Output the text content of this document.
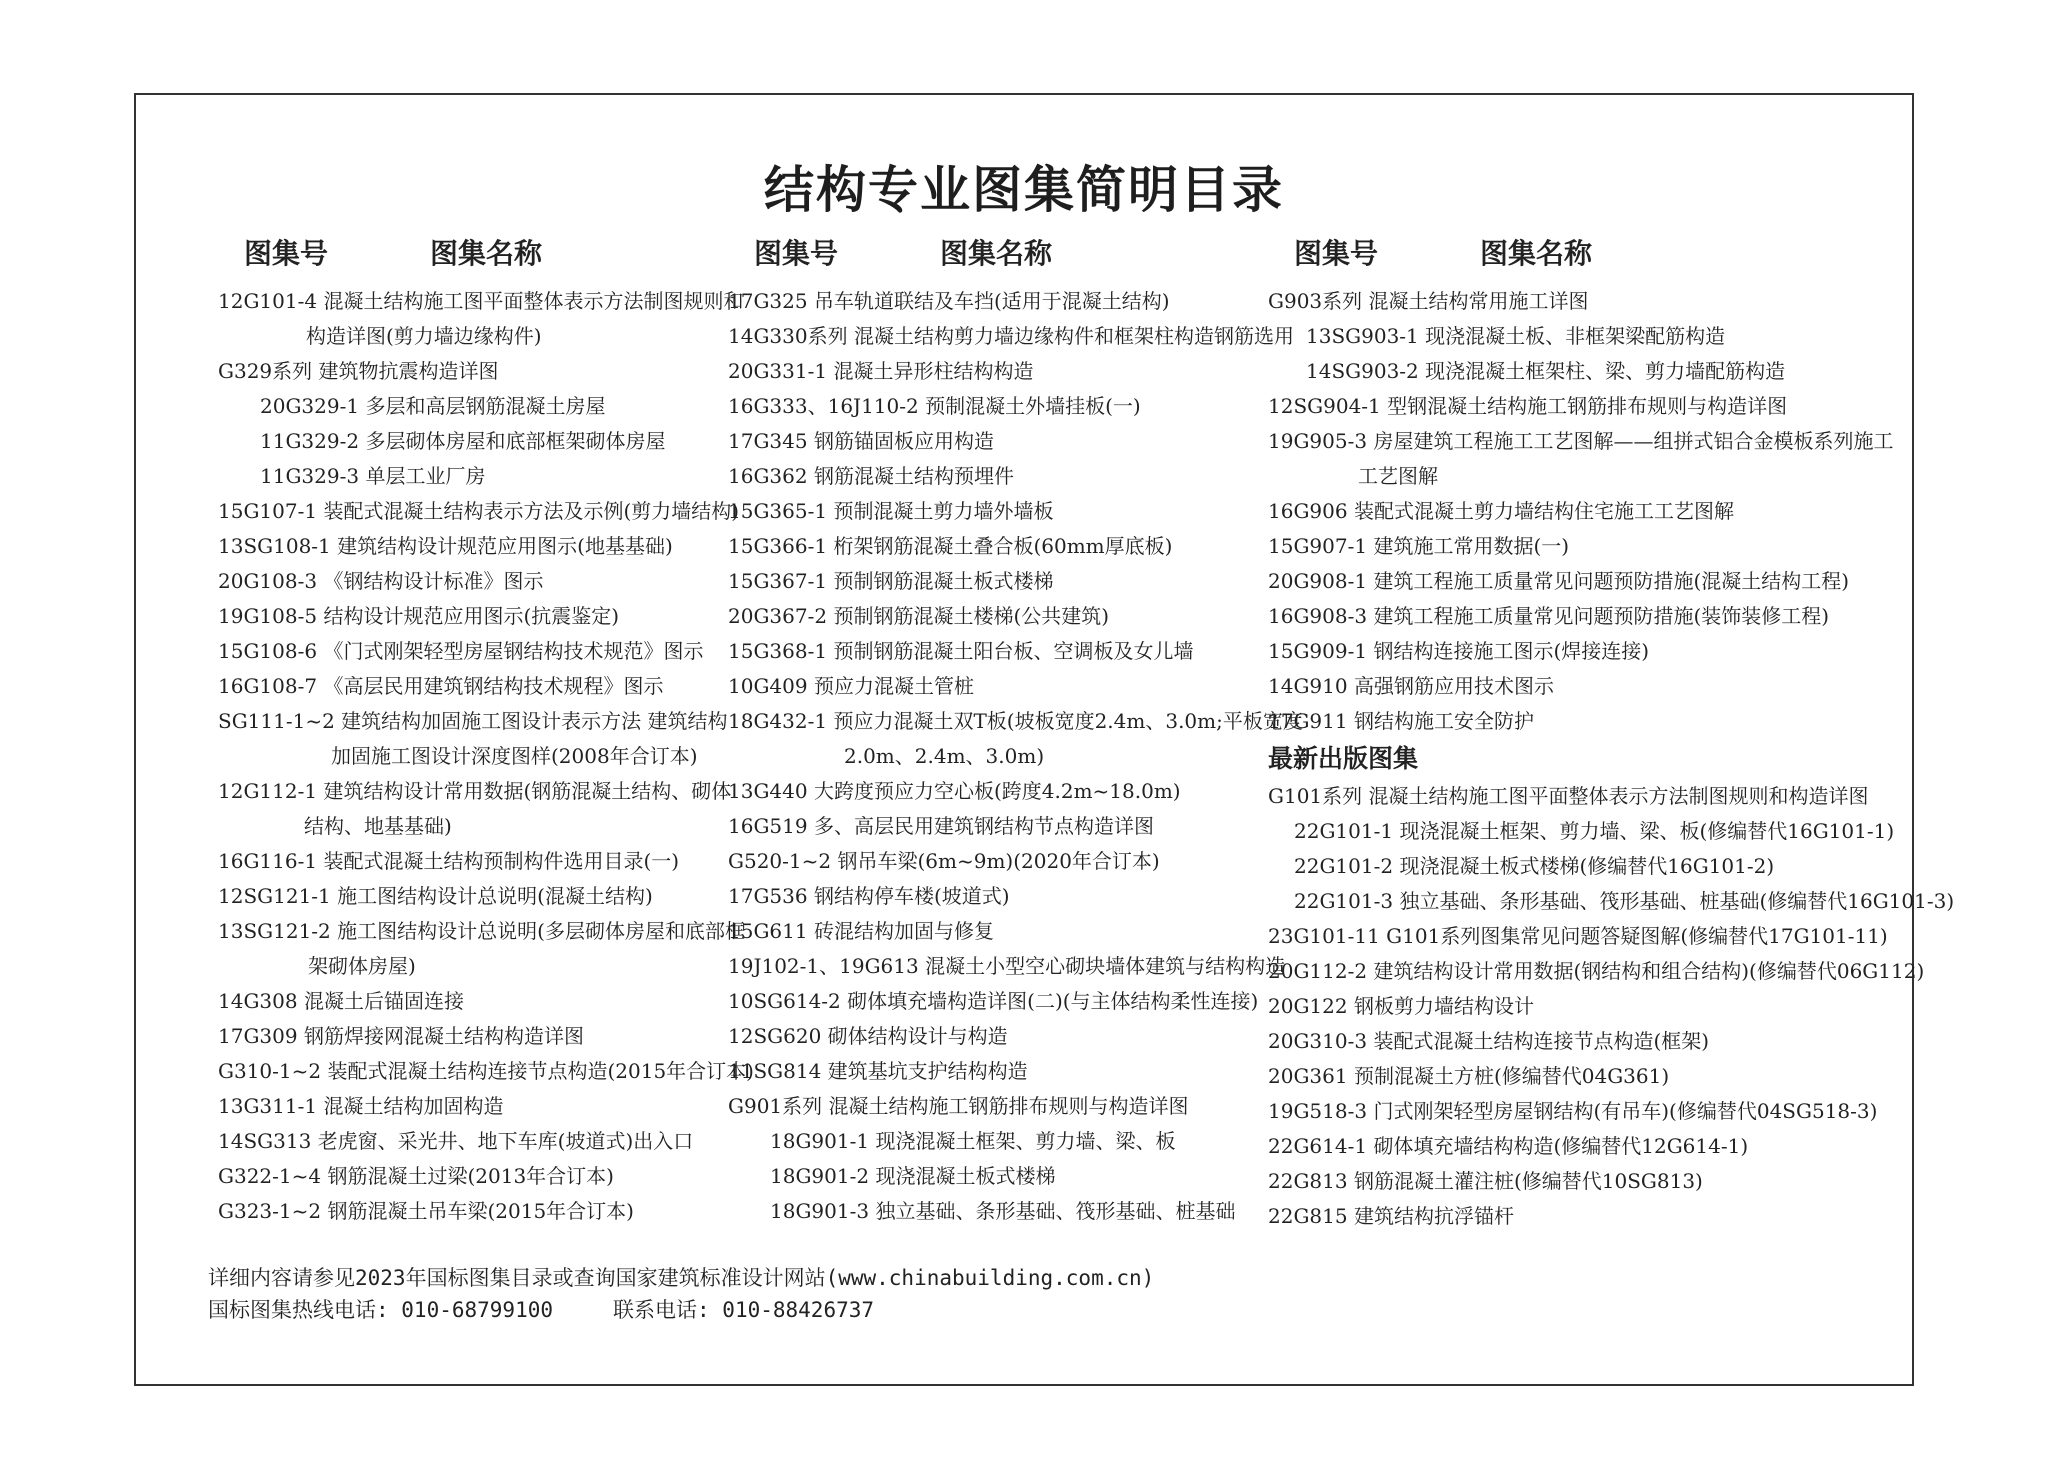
结构专业图集简明目录
图集号	图集名称
12G101-4 混凝土结构施工图平面整体表示方法制图规则和
构造详图(剪力墙边缘构件)
G329系列 建筑物抗震构造详图
20G329-1 多层和高层钢筋混凝土房屋
11G329-2 多层砌体房屋和底部框架砌体房屋
11G329-3 单层工业厂房
15G107-1 装配式混凝土结构表示方法及示例(剪力墙结构)
13SG108-1 建筑结构设计规范应用图示(地基基础)
20G108-3 《钢结构设计标准》图示
19G108-5 结构设计规范应用图示(抗震鉴定)
15G108-6 《门式刚架轻型房屋钢结构技术规范》图示
16G108-7 《高层民用建筑钢结构技术规程》图示
SG111-1~2 建筑结构加固施工图设计表示方法 建筑结构
加固施工图设计深度图样(2008年合订本)
12G112-1 建筑结构设计常用数据(钢筋混凝土结构、砌体
结构、地基基础)
16G116-1 装配式混凝土结构预制构件选用目录(一)
12SG121-1 施工图结构设计总说明(混凝土结构)
13SG121-2 施工图结构设计总说明(多层砌体房屋和底部框
架砌体房屋)
14G308 混凝土后锚固连接
17G309 钢筋焊接网混凝土结构构造详图
G310-1~2 装配式混凝土结构连接节点构造(2015年合订本)
13G311-1 混凝土结构加固构造
14SG313 老虎窗、采光井、地下车库(坡道式)出入口
G322-1~4 钢筋混凝土过梁(2013年合订本)
G323-1~2 钢筋混凝土吊车梁(2015年合订本)
图集号	图集名称
17G325 吊车轨道联结及车挡(适用于混凝土结构)
14G330系列 混凝土结构剪力墙边缘构件和框架柱构造钢筋选用
20G331-1 混凝土异形柱结构构造
16G333、16J110-2 预制混凝土外墙挂板(一)
17G345 钢筋锚固板应用构造
16G362 钢筋混凝土结构预埋件
15G365-1 预制混凝土剪力墙外墙板
15G366-1 桁架钢筋混凝土叠合板(60mm厚底板)
15G367-1 预制钢筋混凝土板式楼梯
20G367-2 预制钢筋混凝土楼梯(公共建筑)
15G368-1 预制钢筋混凝土阳台板、空调板及女儿墙
10G409 预应力混凝土管桩
18G432-1 预应力混凝土双T板(坡板宽度2.4m、3.0m;平板宽度
2.0m、2.4m、3.0m)
13G440 大跨度预应力空心板(跨度4.2m~18.0m)
16G519 多、高层民用建筑钢结构节点构造详图
G520-1~2 钢吊车梁(6m~9m)(2020年合订本)
17G536 钢结构停车楼(坡道式)
15G611 砖混结构加固与修复
19J102-1、19G613 混凝土小型空心砌块墙体建筑与结构构造
10SG614-2 砌体填充墙构造详图(二)(与主体结构柔性连接)
12SG620 砌体结构设计与构造
11SG814 建筑基坑支护结构构造
G901系列 混凝土结构施工钢筋排布规则与构造详图
18G901-1 现浇混凝土框架、剪力墙、梁、板
18G901-2 现浇混凝土板式楼梯
18G901-3 独立基础、条形基础、筏形基础、桩基础
图集号	图集名称
G903系列 混凝土结构常用施工详图
13SG903-1 现浇混凝土板、非框架梁配筋构造
14SG903-2 现浇混凝土框架柱、梁、剪力墙配筋构造
12SG904-1 型钢混凝土结构施工钢筋排布规则与构造详图
19G905-3 房屋建筑工程施工工艺图解——组拼式铝合金模板系列施工
工艺图解
16G906 装配式混凝土剪力墙结构住宅施工工艺图解
15G907-1 建筑施工常用数据(一)
20G908-1 建筑工程施工质量常见问题预防措施(混凝土结构工程)
16G908-3 建筑工程施工质量常见问题预防措施(装饰装修工程)
15G909-1 钢结构连接施工图示(焊接连接)
14G910 高强钢筋应用技术图示
17G911 钢结构施工安全防护
最新出版图集
G101系列 混凝土结构施工图平面整体表示方法制图规则和构造详图
22G101-1 现浇混凝土框架、剪力墙、梁、板(修编替代16G101-1)
22G101-2 现浇混凝土板式楼梯(修编替代16G101-2)
22G101-3 独立基础、条形基础、筏形基础、桩基础(修编替代16G101-3)
23G101-11 G101系列图集常见问题答疑图解(修编替代17G101-11)
20G112-2 建筑结构设计常用数据(钢结构和组合结构)(修编替代06G112)
20G122 钢板剪力墙结构设计
20G310-3 装配式混凝土结构连接节点构造(框架)
20G361 预制混凝土方桩(修编替代04G361)
19G518-3 门式刚架轻型房屋钢结构(有吊车)(修编替代04SG518-3)
22G614-1 砌体填充墙结构构造(修编替代12G614-1)
22G813 钢筋混凝土灌注桩(修编替代10SG813)
22G815 建筑结构抗浮锚杆
详细内容请参见2023年国标图集目录或查询国家建筑标准设计网站(www.chinabuilding.com.cn)
国标图集热线电话: 010-68799100	联系电话: 010-88426737
